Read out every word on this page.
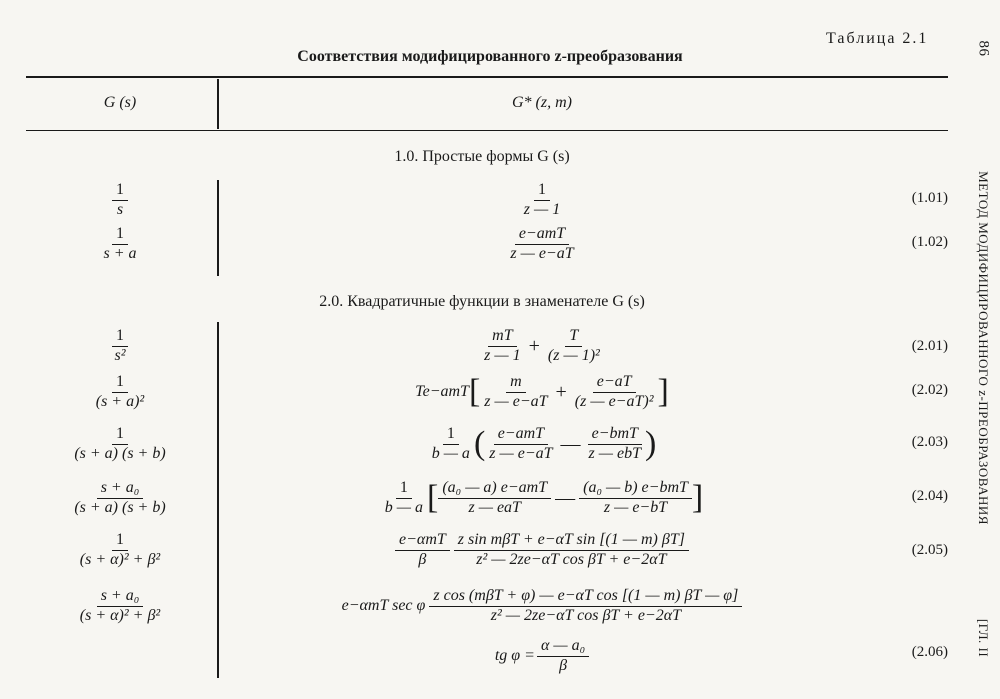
Таблица 2.1
Соответствия модифицированного z-преобразования
G (s)	G* (z, m)
1.0. Простые формы G (s)
$\frac{1}{s}$	$\frac{1}{z — 1}$	(1.01)
$\frac{1}{s + a}$	$\frac{\text{e−amT}}{z — e-aT}$	(1.02)
2.0. Квадратичные функции в знаменателе G (s)
$\frac{1}{\text{s²}}$	$\frac{mT}{z — 1} + \frac{T}{\text{(z — 1)²}}$	(2.01)
$\frac{1}{\text{(s + a)²}}$	Te−amT [ $\frac{m}{z — e-aT} + \frac{e-aT}{\text{(z — e−aT)²}}$ ]	(2.02)
$\frac{1}{(s + a) (s + b)}$	$\frac{1}{b — a}$ ( $\frac{\text{e−amT}}{z — e-aT}$ — $\frac{\text{e−bmT}}{\text{z — ebT}}$ )	(2.03)
$\frac{\text{s + a₀}}{(s + a) (s + b)}$	$\frac{1}{b — a}$ [ $\frac{\text{(a₀ — a) e−amT}}{\text{z — eaT}}$ — $\frac{\text{(a₀ — b) e−bmT}}{z — e-bT}$ ]	(2.04)
$\frac{1}{\text{(s + α)² + β²}}$	$\frac{\text{e−αmT}}{\beta} \frac{\text{z sin mβT + e−αT sin [(1 — m) βT]}}{\text{z² — 2ze−αT cos βT + e−2αT}}$	(2.05)
$\frac{\text{s + a₀}}{\text{(s + α)² + β²}}$	e−αmT sec φ $\frac{\text{z cos (mβT + φ) — e−αT cos [(1 — m) βT — φ]}}{\text{z² — 2ze−αT cos βT + e−2αT}}$
tg $\varphi = \frac{\text{α — a₀}}{\beta}$	(2.06)
86
МЕТОД МОДИФИЦИРОВАННОГО z-ПРЕОБРАЗОВАНИЯ
[ГЛ. II
